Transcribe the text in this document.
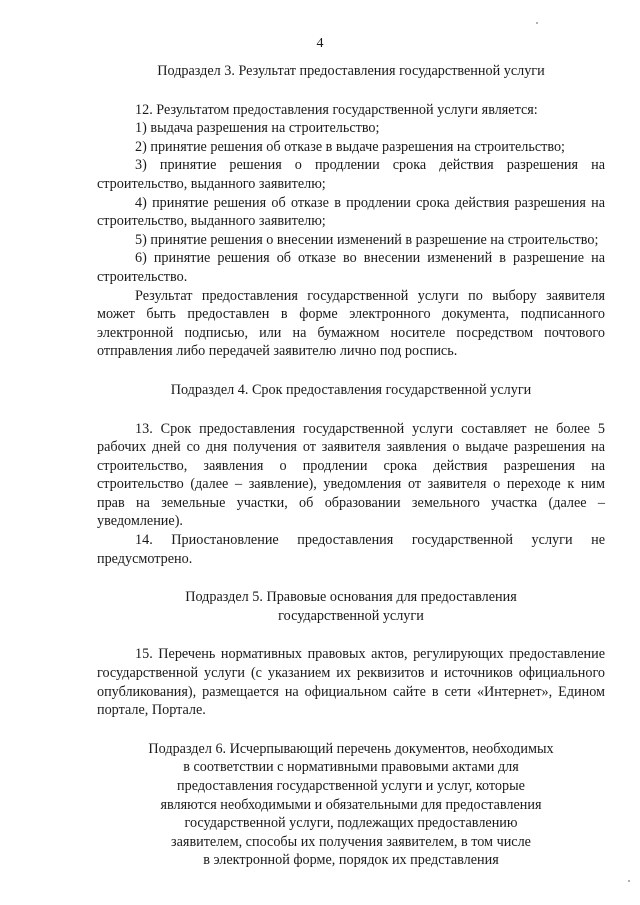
4

Подраздел 3. Результат предоставления государственной услуги

12. Результатом предоставления государственной услуги является:

1) выдача разрешения на строительство;

2) принятие решения об отказе в выдаче разрешения на строительство;

3) принятие решения о продлении срока действия разрешения на строительство, выданного заявителю;

4) принятие решения об отказе в продлении срока действия разрешения на строительство, выданного заявителю;

5) принятие решения о внесении изменений в разрешение на строительство;

6) принятие решения об отказе во внесении изменений в разрешение на строительство.

Результат предоставления государственной услуги по выбору заявителя может быть предоставлен в форме электронного документа, подписанного электронной подписью, или на бумажном носителе посредством почтового отправления либо передачей заявителю лично под роспись.

Подраздел 4. Срок предоставления государственной услуги

13. Срок предоставления государственной услуги составляет не более 5 рабочих дней со дня получения от заявителя заявления о выдаче разрешения на строительство, заявления о продлении срока действия разрешения на строительство (далее – заявление), уведомления от заявителя о переходе к ним прав на земельные участки, об образовании земельного участка (далее – уведомление).

14. Приостановление предоставления государственной услуги не предусмотрено.

Подраздел 5. Правовые основания для предоставления

государственной услуги

15. Перечень нормативных правовых актов, регулирующих предоставление государственной услуги (с указанием их реквизитов и источников официального опубликования), размещается на официальном сайте в сети «Интернет», Едином портале, Портале.

Подраздел 6. Исчерпывающий перечень документов, необходимых

в соответствии с нормативными правовыми актами для

предоставления государственной услуги и услуг, которые

являются необходимыми и обязательными для предоставления

государственной услуги, подлежащих предоставлению

заявителем, способы их получения заявителем, в том числе

в электронной форме, порядок их представления
